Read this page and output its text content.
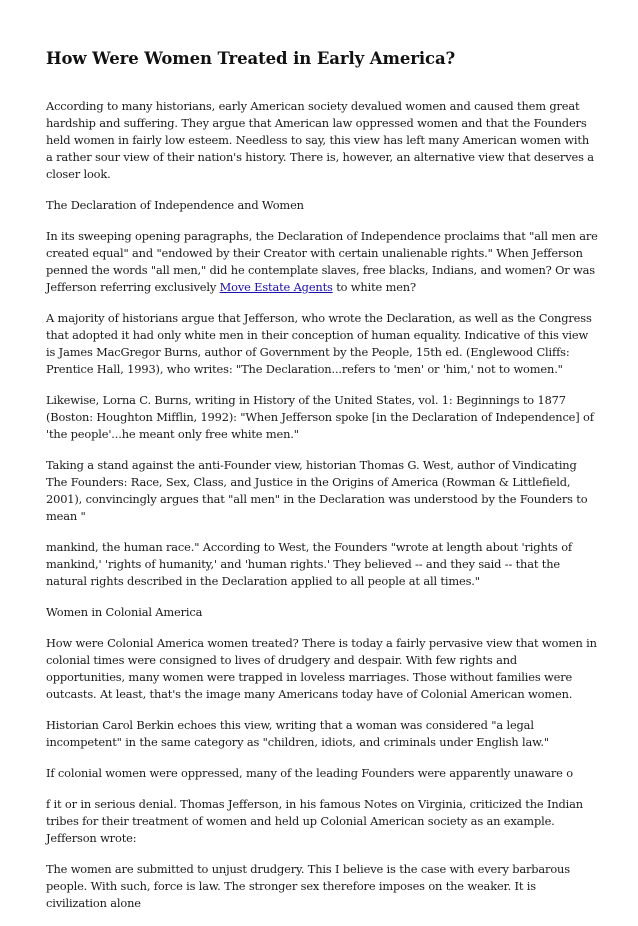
How Were Women Treated in Early America?

According to many historians, early American society devalued women and caused them great hardship and suffering. They argue that American law oppressed women and that the Founders held women in fairly low esteem. Needless to say, this view has left many American women with a rather sour view of their nation's history. There is, however, an alternative view that deserves a closer look.

The Declaration of Independence and Women

In its sweeping opening paragraphs, the Declaration of Independence proclaims that "all men are created equal" and "endowed by their Creator with certain unalienable rights." When Jefferson penned the words "all men," did he contemplate slaves, free blacks, Indians, and women? Or was Jefferson referring exclusively Move Estate Agents to white men?

A majority of historians argue that Jefferson, who wrote the Declaration, as well as the Congress that adopted it had only white men in their conception of human equality. Indicative of this view is James MacGregor Burns, author of Government by the People, 15th ed. (Englewood Cliffs: Prentice Hall, 1993), who writes: "The Declaration...refers to 'men' or 'him,' not to women."

Likewise, Lorna C. Burns, writing in History of the United States, vol. 1: Beginnings to 1877 (Boston: Houghton Mifflin, 1992): "When Jefferson spoke [in the Declaration of Independence] of 'the people'...he meant only free white men."

Taking a stand against the anti-Founder view, historian Thomas G. West, author of Vindicating The Founders: Race, Sex, Class, and Justice in the Origins of America (Rowman & Littlefield, 2001), convincingly argues that "all men" in the Declaration was understood by the Founders to mean "

mankind, the human race." According to West, the Founders "wrote at length about 'rights of mankind,' 'rights of humanity,' and 'human rights.' They believed -- and they said -- that the natural rights described in the Declaration applied to all people at all times."

Women in Colonial America

How were Colonial America women treated? There is today a fairly pervasive view that women in colonial times were consigned to lives of drudgery and despair. With few rights and opportunities, many women were trapped in loveless marriages. Those without families were outcasts. At least, that's the image many Americans today have of Colonial American women.

Historian Carol Berkin echoes this view, writing that a woman was considered "a legal incompetent" in the same category as "children, idiots, and criminals under English law."

If colonial women were oppressed, many of the leading Founders were apparently unaware o

f it or in serious denial. Thomas Jefferson, in his famous Notes on Virginia, criticized the Indian tribes for their treatment of women and held up Colonial American society as an example. Jefferson wrote:

The women are submitted to unjust drudgery. This I believe is the case with every barbarous people. With such, force is law. The stronger sex therefore imposes on the weaker. It is civilization alone
